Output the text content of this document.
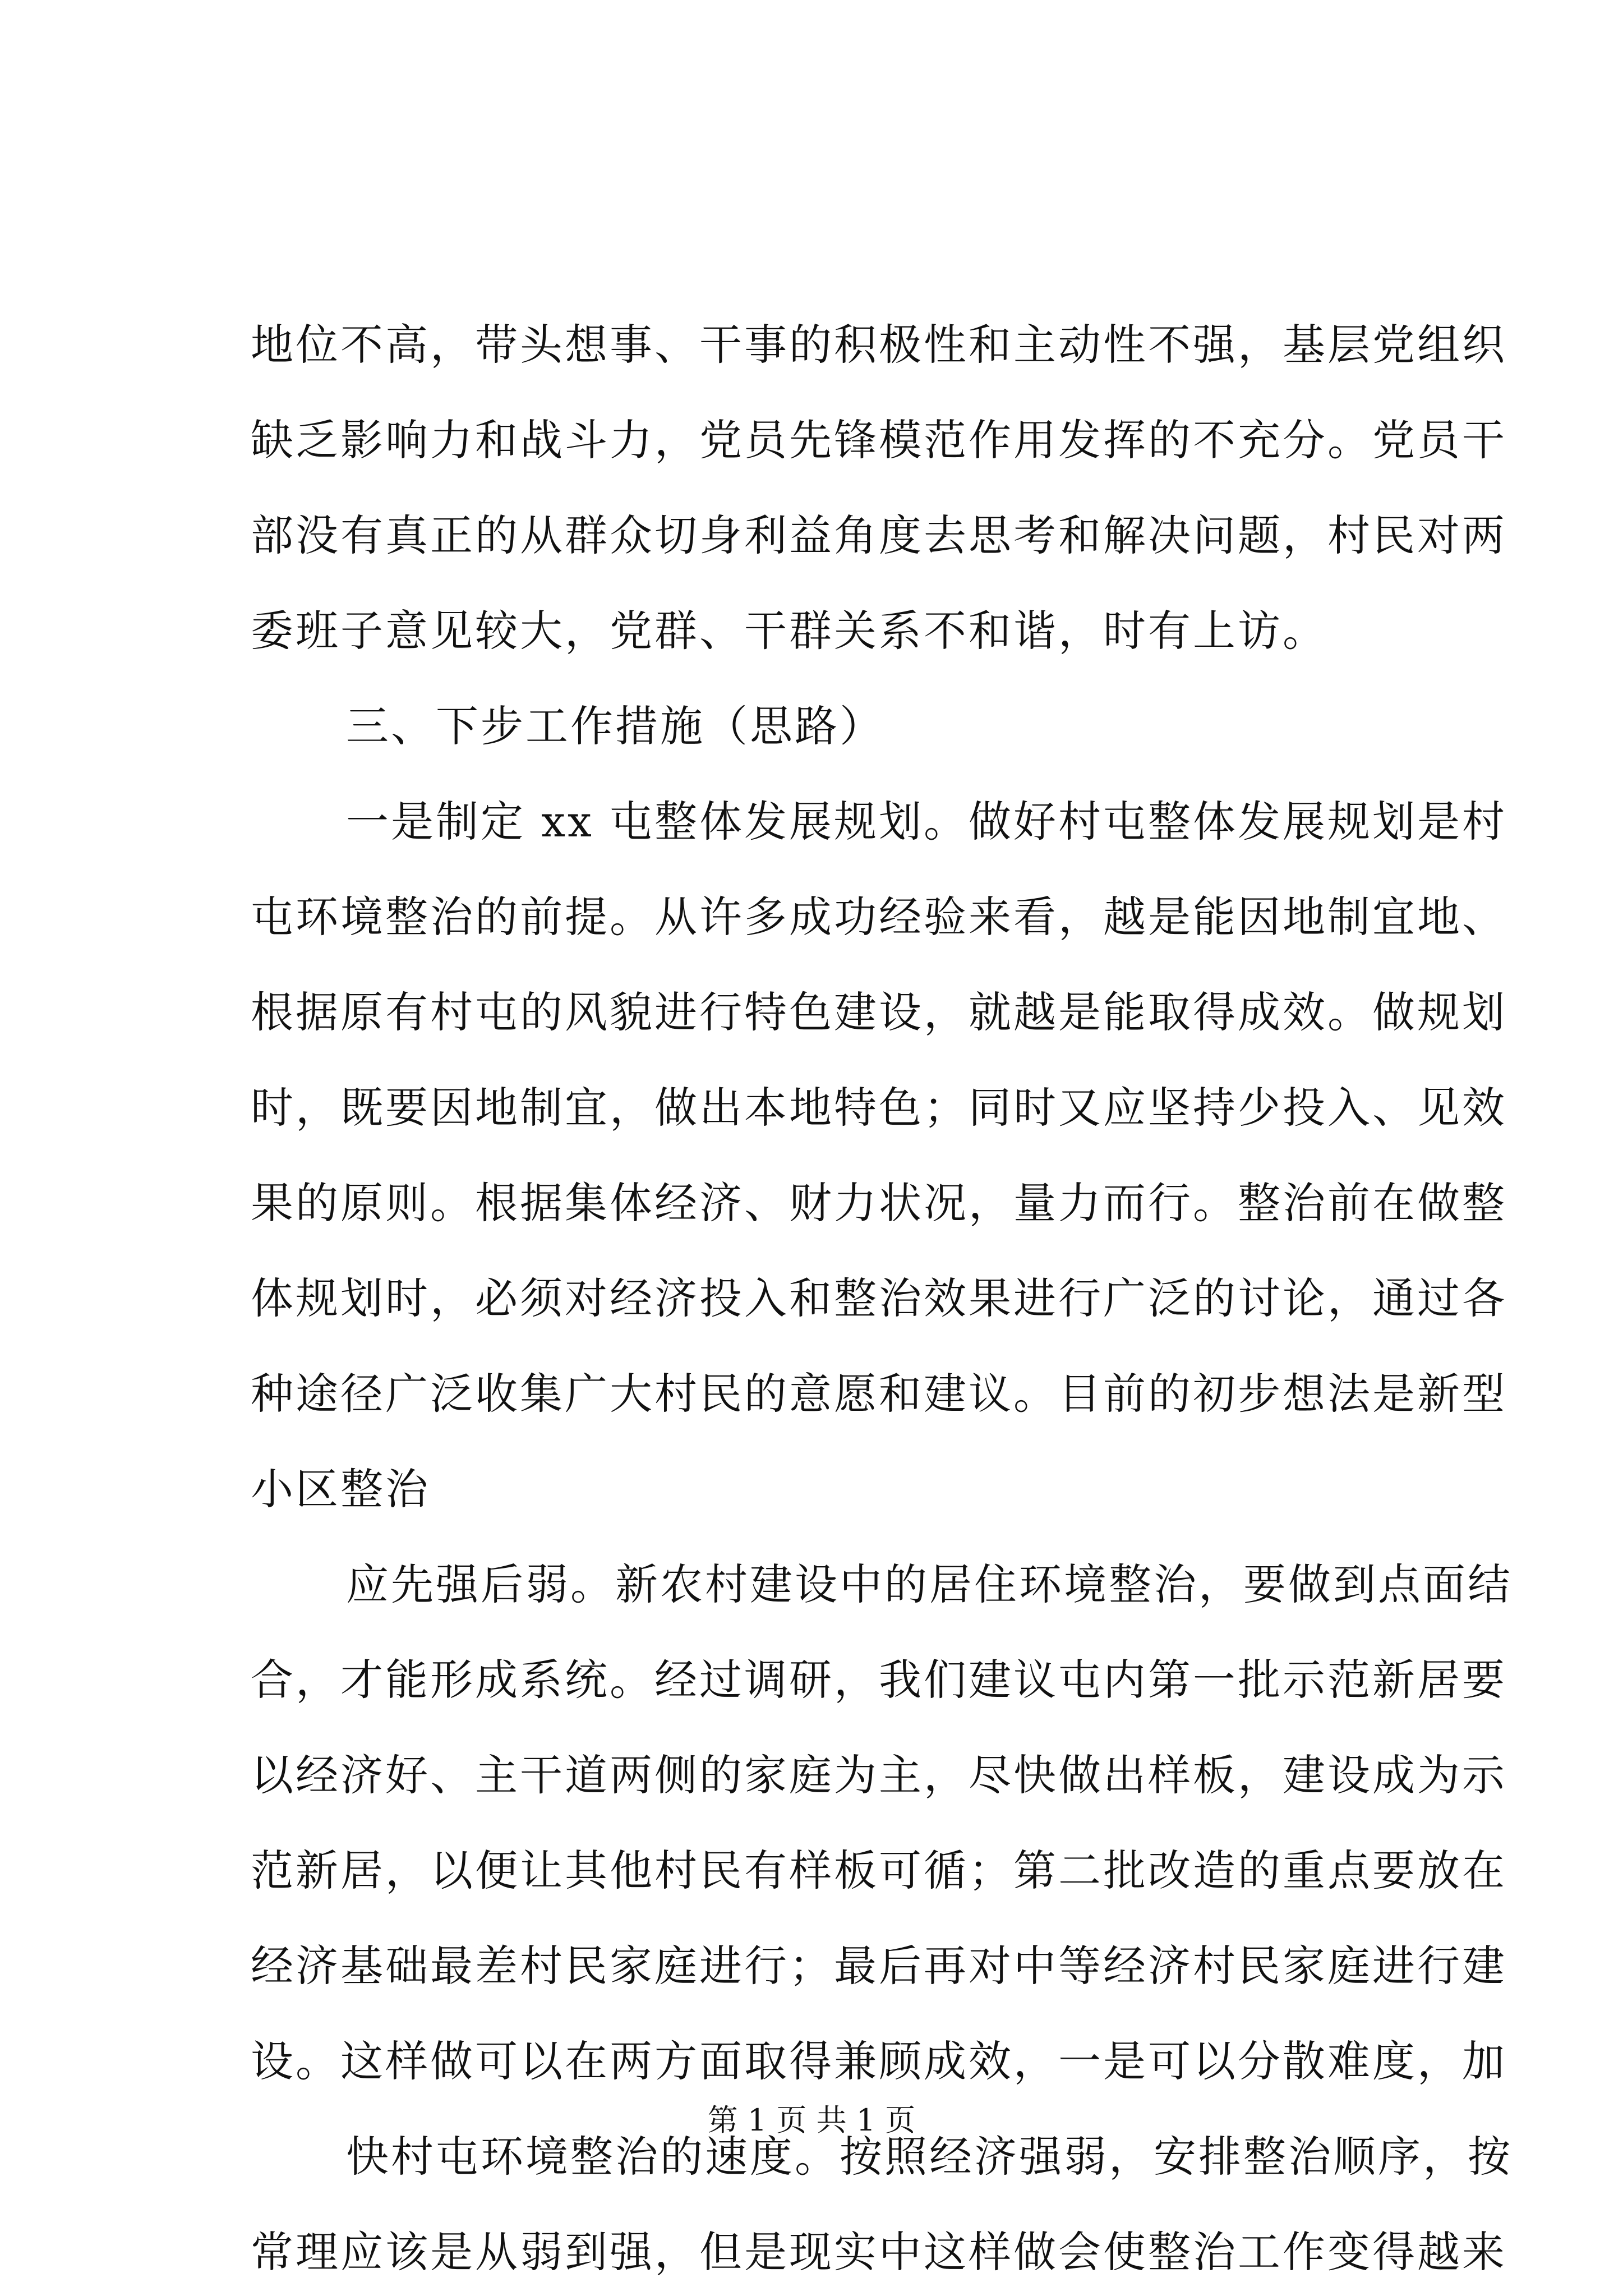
地位不高，带头想事、干事的积极性和主动性不强，基层党组织
缺乏影响力和战斗力，党员先锋模范作用发挥的不充分。党员干
部没有真正的从群众切身利益角度去思考和解决问题，村民对两
委班子意见较大，党群、干群关系不和谐，时有上访。
三、下步工作措施（思路）
一是制定 xx 屯整体发展规划。做好村屯整体发展规划是村
屯环境整治的前提。从许多成功经验来看，越是能因地制宜地、
根据原有村屯的风貌进行特色建设，就越是能取得成效。做规划
时，既要因地制宜，做出本地特色；同时又应坚持少投入、见效
果的原则。根据集体经济、财力状况，量力而行。整治前在做整
体规划时，必须对经济投入和整治效果进行广泛的讨论，通过各
种途径广泛收集广大村民的意愿和建议。目前的初步想法是新型
小区整治
应先强后弱。新农村建设中的居住环境整治，要做到点面结
合，才能形成系统。经过调研，我们建议屯内第一批示范新居要
以经济好、主干道两侧的家庭为主，尽快做出样板，建设成为示
范新居，以便让其他村民有样板可循；第二批改造的重点要放在
经济基础最差村民家庭进行；最后再对中等经济村民家庭进行建
设。这样做可以在两方面取得兼顾成效，一是可以分散难度，加
快村屯环境整治的速度。按照经济强弱，安排整治顺序，按
常理应该是从弱到强，但是现实中这样做会使整治工作变得越来
第 1 页 共 1 页
